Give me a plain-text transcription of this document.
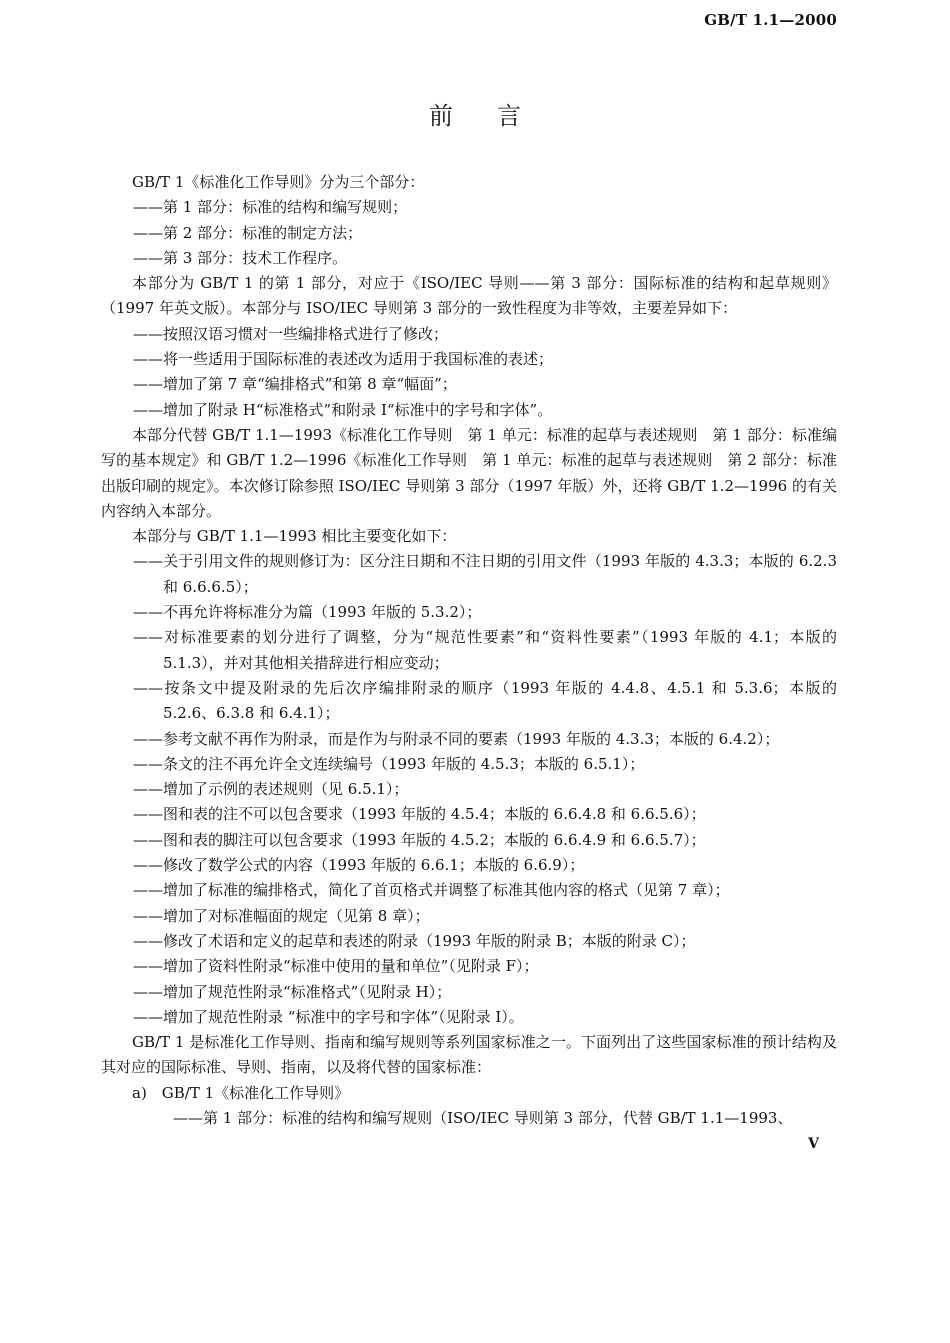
GB/T 1.1—2000
前言

GB/T 1《标准化工作导则》分为三个部分：

——第 1 部分：标准的结构和编写规则；

——第 2 部分：标准的制定方法；

——第 3 部分：技术工作程序。

本部分为 GB/T 1 的第 1 部分，对应于《ISO/IEC 导则——第 3 部分：国际标准的结构和起草规则》（1997 年英文版）。本部分与 ISO/IEC 导则第 3 部分的一致性程度为非等效，主要差异如下：

——按照汉语习惯对一些编排格式进行了修改；

——将一些适用于国际标准的表述改为适用于我国标准的表述；

——增加了第 7 章“编排格式”和第 8 章“幅面”；

——增加了附录 H“标准格式”和附录 I“标准中的字号和字体”。

本部分代替 GB/T 1.1—1993《标准化工作导则　第 1 单元：标准的起草与表述规则　第 1 部分：标准编写的基本规定》和 GB/T 1.2—1996《标准化工作导则　第 1 单元：标准的起草与表述规则　第 2 部分：标准出版印刷的规定》。本次修订除参照 ISO/IEC 导则第 3 部分（1997 年版）外，还将 GB/T 1.2—1996 的有关内容纳入本部分。

本部分与 GB/T 1.1—1993 相比主要变化如下：

——关于引用文件的规则修订为：区分注日期和不注日期的引用文件（1993 年版的 4.3.3；本版的 6.2.3 和 6.6.6.5）；

——不再允许将标准分为篇（1993 年版的 5.3.2）；

——对标准要素的划分进行了调整，分为“规范性要素”和“资料性要素”（1993 年版的 4.1；本版的 5.1.3），并对其他相关措辞进行相应变动；

——按条文中提及附录的先后次序编排附录的顺序（1993 年版的 4.4.8、4.5.1 和 5.3.6；本版的 5.2.6、6.3.8 和 6.4.1）；

——参考文献不再作为附录，而是作为与附录不同的要素（1993 年版的 4.3.3；本版的 6.4.2）；

——条文的注不再允许全文连续编号（1993 年版的 4.5.3；本版的 6.5.1）；

——增加了示例的表述规则（见 6.5.1）；

——图和表的注不可以包含要求（1993 年版的 4.5.4；本版的 6.6.4.8 和 6.6.5.6）；

——图和表的脚注可以包含要求（1993 年版的 4.5.2；本版的 6.6.4.9 和 6.6.5.7）；

——修改了数学公式的内容（1993 年版的 6.6.1；本版的 6.6.9）；

——增加了标准的编排格式，简化了首页格式并调整了标准其他内容的格式（见第 7 章）；

——增加了对标准幅面的规定（见第 8 章）；

——修改了术语和定义的起草和表述的附录（1993 年版的附录 B；本版的附录 C）；

——增加了资料性附录“标准中使用的量和单位”（见附录 F）；

——增加了规范性附录“标准格式”（见附录 H）；

——增加了规范性附录 “标准中的字号和字体”（见附录 I）。

GB/T 1 是标准化工作导则、指南和编写规则等系列国家标准之一。下面列出了这些国家标准的预计结构及其对应的国际标准、导则、指南，以及将代替的国家标准：

a)　GB/T 1《标准化工作导则》

——第 1 部分：标准的结构和编写规则（ISO/IEC 导则第 3 部分，代替 GB/T 1.1—1993、

V
